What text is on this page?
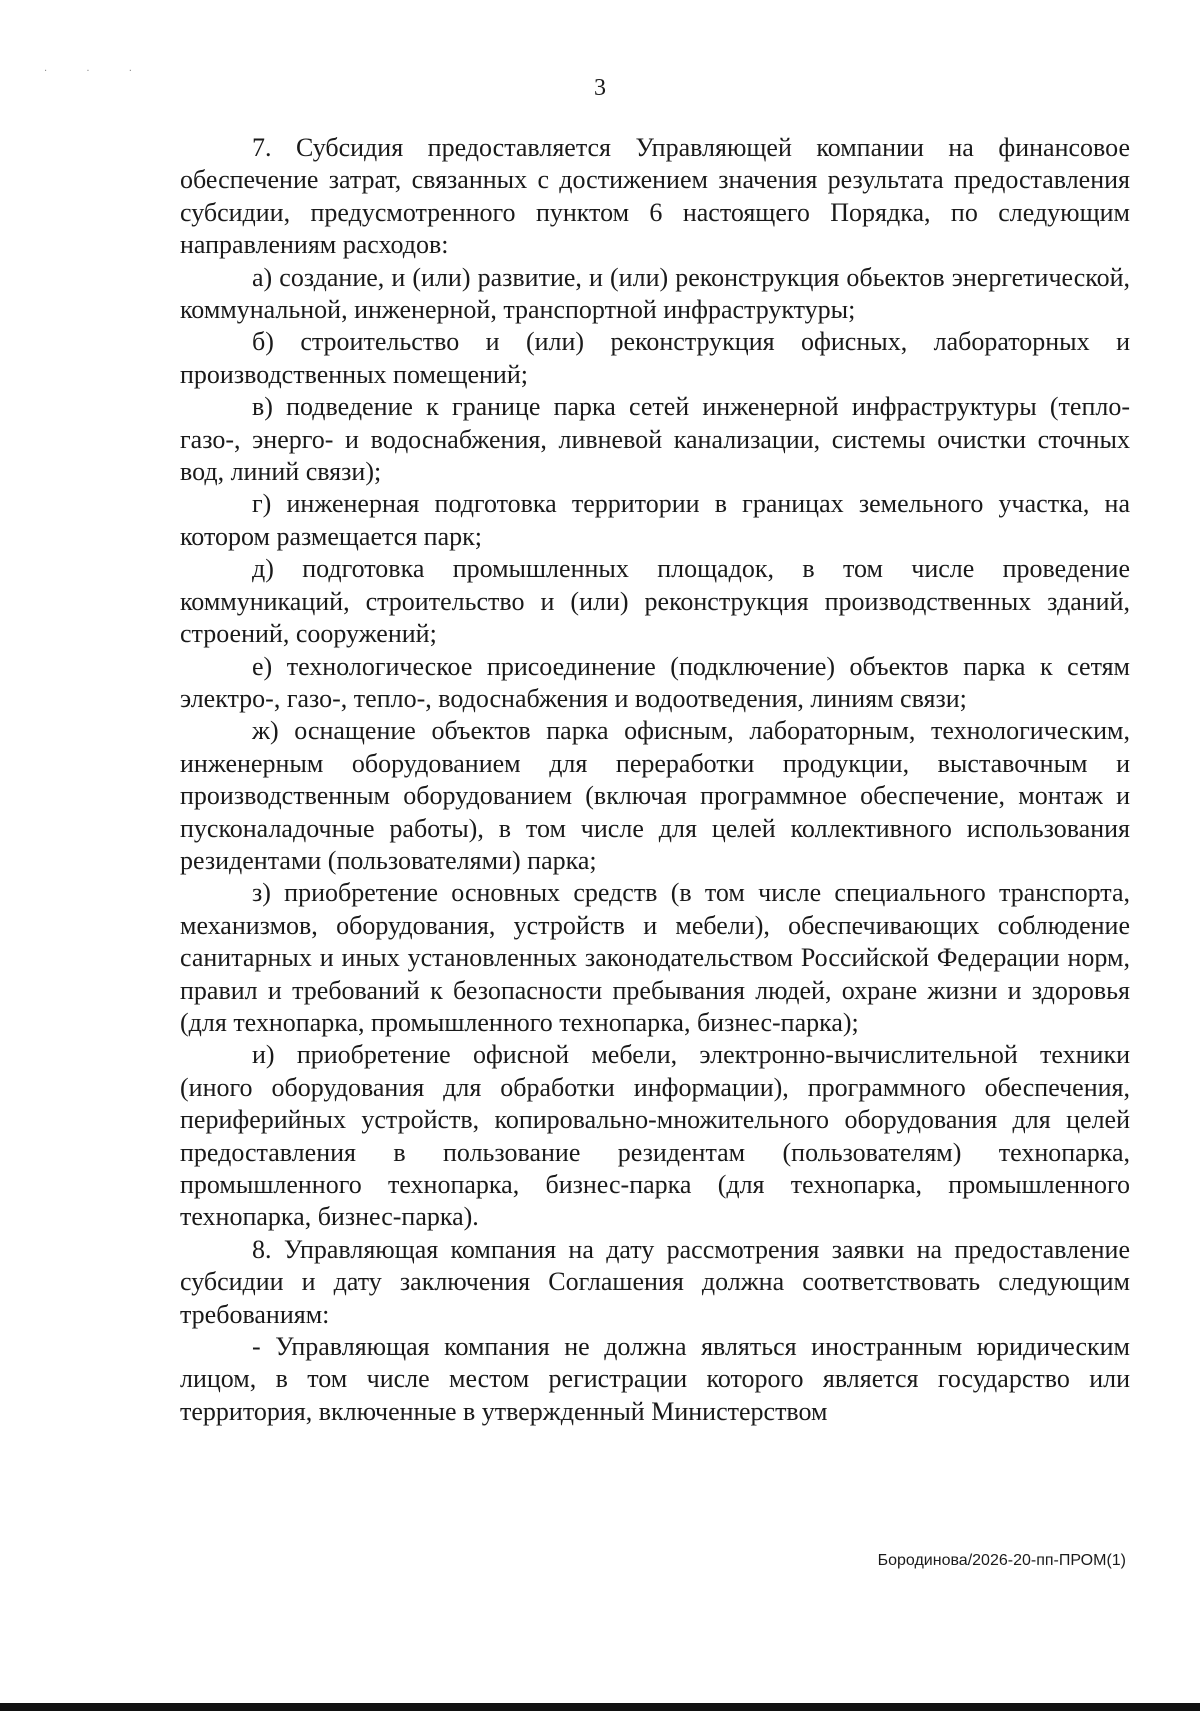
· · ·
3

7. Субсидия предоставляется Управляющей компании на финансовое обеспечение затрат, связанных с достижением значения результата предоставления субсидии, предусмотренного пунктом 6 настоящего Порядка, по следующим направлениям расходов:

а) создание, и (или) развитие, и (или) реконструкция обьектов энергетической, коммунальной, инженерной, транспортной инфраструктуры;

б) строительство и (или) реконструкция офисных, лабораторных и производственных помещений;

в) подведение к границе парка сетей инженерной инфраструктуры (тепло- газо-, энерго- и водоснабжения, ливневой канализации, системы очистки сточных вод, линий связи);

г) инженерная подготовка территории в границах земельного участка, на котором размещается парк;

д) подготовка промышленных площадок, в том числе проведение коммуникаций, строительство и (или) реконструкция производственных зданий, строений, сооружений;

е) технологическое присоединение (подключение) объектов парка к сетям электро-, газо-, тепло-, водоснабжения и водоотведения, линиям связи;

ж) оснащение объектов парка офисным, лабораторным, технологическим, инженерным оборудованием для переработки продукции, выставочным и производственным оборудованием (включая программное обеспечение, монтаж и пусконаладочные работы), в том числе для целей коллективного использования резидентами (пользователями) парка;

з) приобретение основных средств (в том числе специального транспорта, механизмов, оборудования, устройств и мебели), обеспечивающих соблюдение санитарных и иных установленных законодательством Российской Федерации норм, правил и требований к безопасности пребывания людей, охране жизни и здоровья (для технопарка, промышленного технопарка, бизнес-парка);

и) приобретение офисной мебели, электронно-вычислительной техники (иного оборудования для обработки информации), программного обеспечения, периферийных устройств, копировально-множительного оборудования для целей предоставления в пользование резидентам (пользователям) технопарка, промышленного технопарка, бизнес-парка (для технопарка, промышленного технопарка, бизнес-парка).

8. Управляющая компания на дату рассмотрения заявки на предоставление субсидии и дату заключения Соглашения должна соответствовать следующим требованиям:

- Управляющая компания не должна являться иностранным юридическим лицом, в том числе местом регистрации которого является государство или территория, включенные в утвержденный Министерством

Бородинова/2026-20-пп-ПРОМ(1)
